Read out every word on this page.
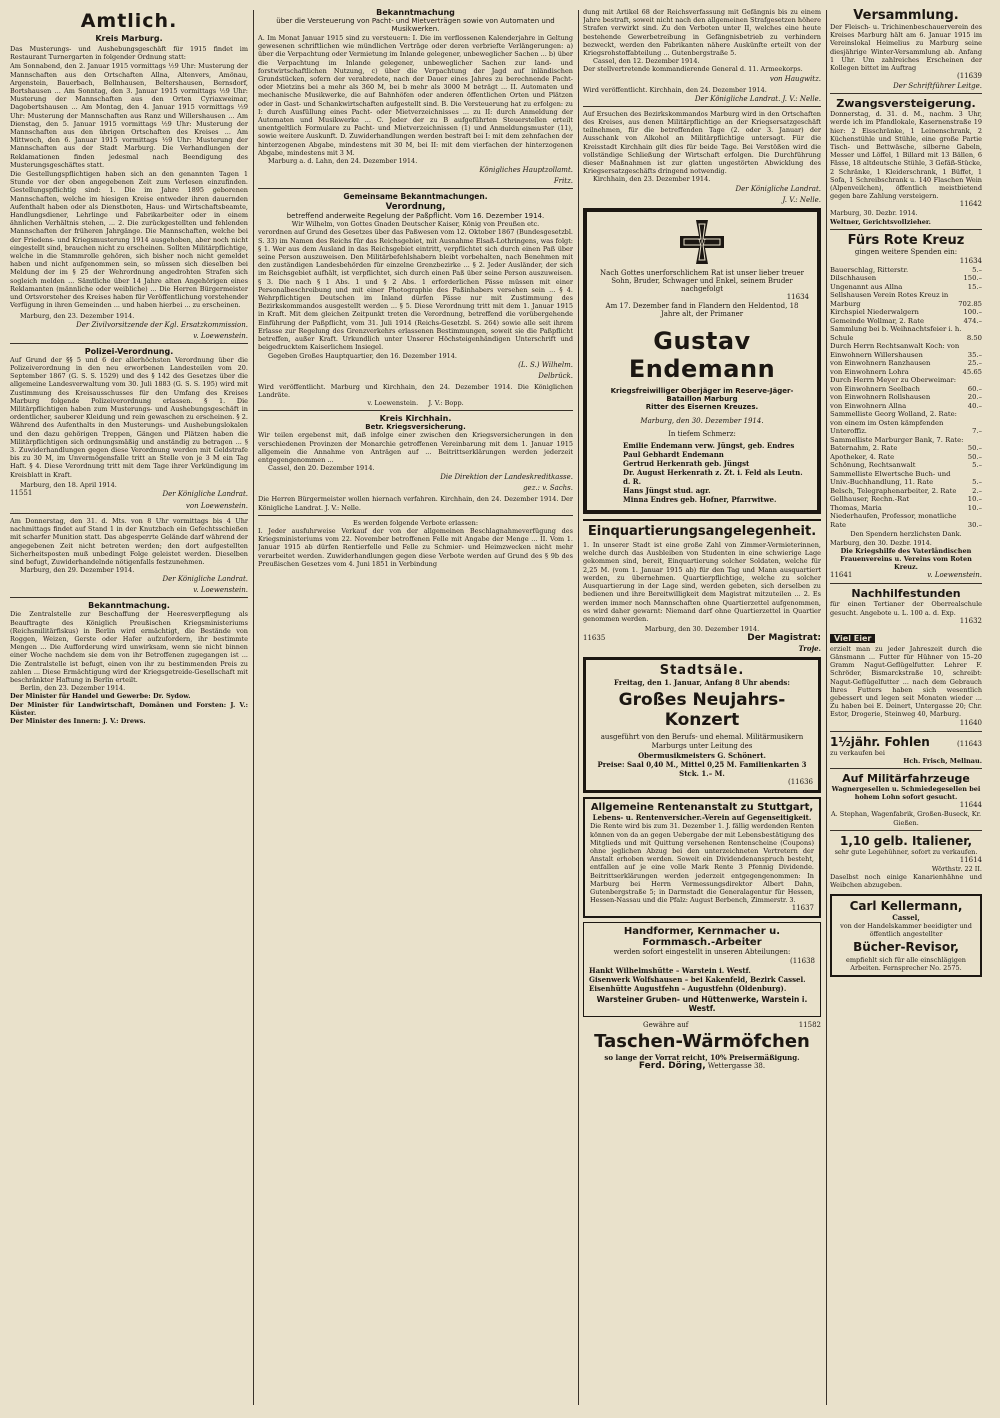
Amtlich.

Kreis Marburg.

Das Musterungs- und Aushebungsgeschäft für 1915 findet im Restaurant Turnergarten in folgender Ordnung statt:

Am Sonnabend, den 2. Januar 1915 vormittags ½9 Uhr: Musterung der Mannschaften aus den Ortschaften Allna, Altenvers, Amönau, Argenstein, Bauerbach, Bellnhausen, Beltershausen, Bernsdorf, Bortshausen ... Am Sonntag, den 3. Januar 1915 vormittags ½9 Uhr: Musterung der Mannschaften aus den Orten Cyriaxweimar, Dagobertshausen ... Am Montag, den 4. Januar 1915 vormittags ½9 Uhr: Musterung der Mannschaften aus Ranz und Willershausen ... Am Dienstag, den 5. Januar 1915 vormittags ½9 Uhr: Musterung der Mannschaften aus den übrigen Ortschaften des Kreises ... Am Mittwoch, den 6. Januar 1915 vormittags ½9 Uhr: Musterung der Mannschaften aus der Stadt Marburg. Die Verhandlungen der Reklamationen finden jedesmal nach Beendigung des Musterungsgeschäftes statt.

Die Gestellungspflichtigen haben sich an den genannten Tagen 1 Stunde vor der oben angegebenen Zeit zum Verlesen einzufinden. Gestellungspflichtig sind: 1. Die im Jahre 1895 geborenen Mannschaften, welche im hiesigen Kreise entweder ihren dauernden Aufenthalt haben oder als Dienstboten, Haus- und Wirtschaftsbeamte, Handlungsdiener, Lehrlinge und Fabrikarbeiter oder in einem ähnlichen Verhältnis stehen, ... 2. Die zurückgestellten und fehlenden Mannschaften der früheren Jahrgänge. Die Mannschaften, welche bei der Friedens- und Kriegsmusterung 1914 ausgehoben, aber noch nicht eingestellt sind, brauchen nicht zu erscheinen. Sollten Militärpflichtige, welche in die Stammrolle gehören, sich bisher noch nicht gemeldet haben und nicht aufgenommen sein, so müssen sich dieselben bei Meldung der im § 25 der Wehrordnung angedrohten Strafen sich sogleich melden ... Sämtliche über 14 Jahre alten Angehörigen eines Reklamanten (männliche oder weibliche) ... Die Herren Bürgermeister und Ortsvorsteher des Kreises haben für Veröffentlichung vorstehender Verfügung in ihren Gemeinden ... und haben hierbei ... zu erscheinen.

Marburg, den 23. Dezember 1914.

Der Zivilvorsitzende der Kgl. Ersatzkommission.

v. Loewenstein.

Polizei-Verordnung.

Auf Grund der §§ 5 und 6 der allerhöchsten Verordnung über die Polizeiverordnung in den neu erworbenen Landesteilen vom 20. September 1867 (G. S. S. 1529) und des § 142 des Gesetzes über die allgemeine Landesverwaltung vom 30. Juli 1883 (G. S. S. 195) wird mit Zustimmung des Kreisausschusses für den Umfang des Kreises Marburg folgende Polizeiverordnung erlassen. § 1. Die Militärpflichtigen haben zum Musterungs- und Aushebungsgeschäft in ordentlicher, sauberer Kleidung und rein gewaschen zu erscheinen. § 2. Während des Aufenthalts in den Musterungs- und Aushebungslokalen und den dazu gehörigen Treppen, Gängen und Plätzen haben die Militärpflichtigen sich ordnungsmäßig und anständig zu betragen ... § 3. Zuwiderhandlungen gegen diese Verordnung werden mit Geldstrafe bis zu 30 M, im Unvermögensfalle tritt an Stelle von je 3 M ein Tag Haft. § 4. Diese Verordnung tritt mit dem Tage ihrer Verkündigung im Kreisblatt in Kraft.

Marburg, den 18. April 1914.

11551	Der Königliche Landrat.

von Loewenstein.

Am Donnerstag, den 31. d. Mts. von 8 Uhr vormittags bis 4 Uhr nachmittags findet auf Stand 1 in der Knutzbach ein Gefechtsschießen mit scharfer Munition statt. Das abgesperrte Gelände darf während der angegebenen Zeit nicht betreten werden; den dort aufgestellten Sicherheitsposten muß unbedingt Folge geleistet werden. Dieselben sind befugt, Zuwiderhandelnde nötigenfalls festzunehmen.

Marburg, den 29. Dezember 1914.

Der Königliche Landrat.

v. Loewenstein.

Bekanntmachung.

Die Zentralstelle zur Beschaffung der Heeresverpflegung als Beauftragte des Königlich Preußischen Kriegsministeriums (Reichsmilitärfiskus) in Berlin wird ermächtigt, die Bestände von Roggen, Weizen, Gerste oder Hafer aufzufordern, ihr bestimmte Mengen ... Die Aufforderung wird unwirksam, wenn sie nicht binnen einer Woche nachdem sie dem von ihr Betroffenen zugegangen ist ... Die Zentralstelle ist befugt, einen von ihr zu bestimmenden Preis zu zahlen ... Diese Ermächtigung wird der Kriegsgetreide-Gesellschaft mit beschränkter Haftung in Berlin erteilt.

Berlin, den 23. Dezember 1914.

Der Minister für Handel und Gewerbe: Dr. Sydow.

Der Minister für Landwirtschaft, Domänen und Forsten: J. V.: Küster.

Der Minister des Innern: J. V.: Drews.

Bekanntmachung

über die Versteuerung von Pacht- und Mietverträgen sowie von Automaten und Musikwerken.

A. Im Monat Januar 1915 sind zu versteuern: I. Die im verflossenen Kalenderjahre in Geltung gewesenen schriftlichen wie mündlichen Verträge oder deren verbriefte Verlängerungen: a) über die Verpachtung oder Vermietung im Inlande gelegener, unbeweglicher Sachen ... b) über die Verpachtung im Inlande gelegener, unbeweglicher Sachen zur land- und forstwirtschaftlichen Nutzung, c) über die Verpachtung der Jagd auf inländischen Grundstücken, sofern der verabredete, nach der Dauer eines Jahres zu berechnende Pacht- oder Mietzins bei a mehr als 360 M, bei b mehr als 3000 M beträgt ... II. Automaten und mechanische Musikwerke, die auf Bahnhöfen oder anderen öffentlichen Orten und Plätzen oder in Gast- und Schankwirtschaften aufgestellt sind. B. Die Versteuerung hat zu erfolgen: zu I: durch Ausfüllung eines Pacht- oder Mietverzeichnisses ... zu II: durch Anmeldung der Automaten und Musikwerke ... C. Jeder der zu B aufgeführten Steuerstellen erteilt unentgeltlich Formulare zu Pacht- und Mietverzeichnissen (1) und Anmeldungsmuster (11), sowie weitere Auskunft. D. Zuwiderhandlungen werden bestraft bei I: mit dem zehnfachen der hinterzogenen Abgabe, mindestens mit 30 M, bei II: mit dem vierfachen der hinterzogenen Abgabe, mindestens mit 3 M.

Marburg a. d. Lahn, den 24. Dezember 1914.

Königliches Hauptzollamt.

Fritz.

Gemeinsame Bekanntmachungen.

Verordnung,

betreffend anderweite Regelung der Paßpflicht. Vom 16. Dezember 1914.

Wir Wilhelm, von Gottes Gnaden Deutscher Kaiser, König von Preußen etc.

verordnen auf Grund des Gesetzes über das Paßwesen vom 12. Oktober 1867 (Bundesgesetzbl. S. 33) im Namen des Reichs für das Reichsgebiet, mit Ausnahme Elsaß-Lothringens, was folgt: § 1. Wer aus dem Ausland in das Reichsgebiet eintritt, verpflichtet sich durch einen Paß über seine Person auszuweisen. Den Militärbefehlshabern bleibt vorbehalten, nach Benehmen mit den zuständigen Landesbehörden für einzelne Grenzbezirke ... § 2. Jeder Ausländer, der sich im Reichsgebiet aufhält, ist verpflichtet, sich durch einen Paß über seine Person auszuweisen. § 3. Die nach § 1 Abs. 1 und § 2 Abs. 1 erforderlichen Pässe müssen mit einer Personalbeschreibung und mit einer Photographie des Paßinhabers versehen sein ... § 4. Wehrpflichtigen Deutschen im Inland dürfen Pässe nur mit Zustimmung des Bezirkskommandos ausgestellt werden ... § 5. Diese Verordnung tritt mit dem 1. Januar 1915 in Kraft. Mit dem gleichen Zeitpunkt treten die Verordnung, betreffend die vorübergehende Einführung der Paßpflicht, vom 31. Juli 1914 (Reichs-Gesetzbl. S. 264) sowie alle seit ihrem Erlasse zur Regelung des Grenzverkehrs erlassenen Bestimmungen, soweit sie die Paßpflicht betreffen, außer Kraft. Urkundlich unter Unserer Höchsteigenhändigen Unterschrift und beigedrucktem Kaiserlichem Insiegel.

Gegeben Großes Hauptquartier, den 16. Dezember 1914.

(L. S.) Wilhelm.

Delbrück.

Wird veröffentlicht. Marburg und Kirchhain, den 24. Dezember 1914. Die Königlichen Landräte.

v. Loewenstein.     J. V.: Bopp.

Kreis Kirchhain.

Betr. Kriegsversicherung.

Wir teilen ergebenst mit, daß infolge einer zwischen den Kriegsversicherungen in den verschiedenen Provinzen der Monarchie getroffenen Vereinbarung mit dem 1. Januar 1915 allgemein die Annahme von Anträgen auf ... Beitrittserklärungen werden jederzeit entgegengenommen ...

Cassel, den 20. Dezember 1914.

Die Direktion der Landeskreditkasse.

gez.: v. Sachs.

Die Herren Bürgermeister wollen hiernach verfahren. Kirchhain, den 24. Dezember 1914. Der Königliche Landrat. J. V.: Nelle.

Es werden folgende Verbote erlassen:

I. Jeder ausfuhrweise Verkauf der von der allgemeinen Beschlagnahmeverfügung des Kriegsministeriums vom 22. November betroffenen Felle mit Angabe der Menge ... II. Vom 1. Januar 1915 ab dürfen Rentierfelle und Felle zu Schmier- und Heimzwecken nicht mehr verarbeitet werden. Zuwiderhandlungen gegen diese Verbote werden auf Grund des § 9b des Preußischen Gesetzes vom 4. Juni 1851 in Verbindung

dung mit Artikel 68 der Reichsverfassung mit Gefängnis bis zu einem Jahre bestraft, soweit nicht nach den allgemeinen Strafgesetzen höhere Strafen verwirkt sind. Zu den Verboten unter II, welches eine heute bestehende Gewerbetreibung in Gefängnisbetrieb zu verhindern bezweckt, werden den Fabrikanten nähere Auskünfte erteilt von der Kriegsrohstoffabteilung ... Gutenbergstraße 5.

Cassel, den 12. Dezember 1914.

Der stellvertretende kommandierende General d. 11. Armeekorps.

von Haugwitz.

Wird veröffentlicht. Kirchhain, den 24. Dezember 1914.

Der Königliche Landrat. J. V.: Nelle.

Auf Ersuchen des Bezirkskommandos Marburg wird in den Ortschaften des Kreises, aus denen Militärpflichtige an der Kriegsersatzgeschäft teilnehmen, für die betreffenden Tage (2. oder 3. Januar) der Ausschank von Alkohol an Militärpflichtige untersagt. Für die Kreisstadt Kirchhain gilt dies für beide Tage. Bei Verstößen wird die vollständige Schließung der Wirtschaft erfolgen. Die Durchführung dieser Maßnahmen ist zur glatten ungestörten Abwicklung des Kriegsersatzgeschäfts dringend notwendig.

Kirchhain, den 23. Dezember 1914.

Der Königliche Landrat.

J. V.: Nelle.

W

Nach Gottes unerforschlichem Rat ist unser lieber treuer Sohn, Bruder, Schwager und Enkel, seinem Bruder nachgefolgt

11634

Am 17. Dezember fand in Flandern den Heldentod, 18 Jahre alt, der Primaner

Gustav Endemann

Kriegsfreiwilliger Oberjäger im Reserve-Jäger-Bataillon Marburg

Ritter des Eisernen Kreuzes.

Marburg, den 30. Dezember 1914.

In tiefem Schmerz:

Emilie Endemann verw. Jüngst, geb. Endres

Paul Gebhardt Endemann

Gertrud Herkenrath geb. Jüngst

Dr. August Herkenrath z. Zt. i. Feld als Leutn. d. R.

Hans Jüngst stud. agr.

Minna Endres geb. Hofner, Pfarrwitwe.

Einquartierungsangelegenheit.

1. In unserer Stadt ist eine große Zahl von Zimmer-Vermieterinnen, welche durch das Ausbleiben von Studenten in eine schwierige Lage gekommen sind, bereit, Einquartierung solcher Soldaten, welche für 2,25 M. (vom 1. Januar 1915 ab) für den Tag und Mann ausquartiert werden, zu übernehmen. Quartierpflichtige, welche zu solcher Ausquartierung in der Lage sind, werden gebeten, sich derselben zu bedienen und ihre Bereitwilligkeit dem Magistrat mitzuteilen ... 2. Es werden immer noch Mannschaften ohne Quartierzettel aufgenommen, es wird daher gewarnt: Niemand darf ohne Quartierzettel in Quartier genommen werden.

Marburg, den 30. Dezember 1914.

11635	Der Magistrat:

Troje.

Stadtsäle.

Freitag, den 1. Januar, Anfang 8 Uhr abends:

Großes Neujahrs-Konzert

ausgeführt von den Berufs- und ehemal. Militärmusikern Marburgs unter Leitung des

Obermusikmeisters G. Schönert.

Preise: Saal 0,40 M., Mittel 0,25 M. Familienkarten 3 Stck. 1.– M.

(11636

Allgemeine Rentenanstalt zu Stuttgart,

Lebens- u. Rentenversicher.-Verein auf Gegenseitigkeit.

Die Rente wird bis zum 31. Dezember 1. J. fällig werdenden Renten können von da an gegen Uebergabe der mit Lebensbestätigung des Mitglieds und mit Quittung versehenen Rentenscheine (Coupons) ohne jeglichen Abzug bei den unterzeichneten Vertretern der Anstalt erhoben werden. Soweit ein Dividendenanspruch besteht, entfallen auf je eine volle Mark Rente 3 Pfennig Dividende. Beitrittserklärungen werden jederzeit entgegengenommen: In Marburg bei Herrn Vermessungsdirektor Albert Dahn, Gutenbergstraße 5; in Darmstadt die Generalagentur für Hessen, Hessen-Nassau und die Pfalz: August Berbench, Zimmerstr. 3.

11637

Handformer, Kernmacher u. Formmasch.-Arbeiter

werden sofort eingestellt in unseren Abteilungen:

(11638

Hankt Wilhelmshütte – Warstein i. Westf.

Gisenwerk Wolfshausen – bei Kakenfeld, Bezirk Cassel.

Eisenhütte Augustfehn – Augustfehn (Oldenburg).

Warsteiner Gruben- und Hüttenwerke, Warstein i. Westf.

Gewähre auf	11582

Taschen-Wärmöfchen

so lange der Vorrat reicht, 10% Preisermäßigung.

Ferd. Döring, Wettergasse 38.

Versammlung.

Der Fleisch- u. Trichinenbeschauerverein des Kreises Marburg hält am 6. Januar 1915 im Vereinslokal Heimelius zu Marburg seine diesjährige Winter-Versammlung ab. Anfang 1 Uhr. Um zahlreiches Erscheinen der Kollegen bittet im Auftrag

(11639

Der Schriftführer Leitge.

Zwangsversteigerung.

Donnerstag, d. 31. d. M., nachm. 3 Uhr, werde ich im Pfandlokale, Kasernenstraße 19 hier: 2 Eisschränke, 1 Leinenschrank, 2 Küchenstühle und Stühle, eine große Partie Tisch- und Bettwäsche, silberne Gabeln, Messer und Löffel, 1 Billard mit 13 Bällen, 6 Fässe, 18 altdeutsche Stühle, 3 Gefäß-Stücke, 2 Schränke, 1 Kleiderschrank, 1 Büffet, 1 Sofa, 1 Schreibschrank u. 140 Flaschen Wein (Alpenveilchen), öffentlich meistbietend gegen bare Zahlung versteigern.

11642

Marburg, 30. Dezbr. 1914.

Weltner, Gerichtsvollzieher.

Fürs Rote Kreuz

gingen weitere Spenden ein:

11634

Bauerschlag, Ritterstr.	5.–
Dilschhausen	150.–
Ungenannt aus Allna	15.–
Sellshausen Verein Rotes Kreuz in Marburg	702.85
Kirchspiel Niederwalgern	100.–
Gemeinde Wollmar, 2. Rate	474.–
Sammlung bei b. Weihnachtsfeier i. h. Schule	8.50
Durch Herrn Rechtsanwalt Koch: von Einwohnern Willershausen	35.–
von Einwohnern Ranzhausen	25.–
von Einwohnern Lohra	45.65
Durch Herrn Meyer zu Oberweimar: von Einwohnern Seelbach	60.–
von Einwohnern Rollshausen	20.–
von Einwohnern Allna	40.–
Sammelliste Georg Wolland, 2. Rate: von einem im Osten kämpfenden Unteroffiz.	7.–
Sammelliste Marburger Bank, 7. Rate: Baternahm, 2. Rate	50.–
Apotheker, 4. Rate	50.–
Schönung, Rechtsanwalt	5.–
Sammelliste Elwertsche Buch- und Univ.-Buchhandlung, 11. Rate	5.–
Belsch, Telegraphenarbeiter, 2. Rate	2.–
Gellhauser, Rechn.-Rat	10.–
Thomas, Maria	10.–
Niederhaufen, Professor, monatliche Rate	30.–

Den Spendern herzlichsten Dank.

Marburg, den 30. Dezbr. 1914.

Die Kriegshilfe des Vaterländischen Frauenvereins u. Vereins vom Roten Kreuz.

11641	v. Loewenstein.

Nachhilfestunden

für einen Tertianer der Oberrealschule gesucht. Angebote u. L. 100 a. d. Exp.

11632

Viel Eier

erzielt man zu jeder Jahreszeit durch die Gänsmann ... Futter für Hühner von 15–20 Gramm Nagut-Geflügelfutter. Lehrer F. Schröder, Bismarckstraße 10, schreibt: Nagut-Geflügelfutter ... nach dem Gebrauch Ihres Futters haben sich wesentlich gebessert und legen seit Monaten wieder ... Zu haben bei E. Deinert, Untergasse 20; Chr. Estor, Drogerie, Steinweg 40, Marburg.

11640

1½jähr. Fohlen	(11643

zu verkaufen bei

Hch. Frisch, Mellnau.

Auf Militärfahrzeuge

Wagnergesellen u. Schmiedegesellen bei hohem Lohn sofort gesucht.

11644

A. Stephan, Wagenfabrik, Großen-Buseck, Kr. Gießen.

1,10 gelb. Italiener,

sehr gute Legehühner, sofort zu verkaufen.

11614

Wörthstr. 22 II.

Daselbst noch einige Kanarienhähne und Weibchen abzugeben.

Carl Kellermann,

Cassel,

von der Handelskammer beeidigter und öffentlich angestellter

Bücher-Revisor,

empfiehlt sich für alle einschlägigen Arbeiten. Fernsprecher No. 2575.
